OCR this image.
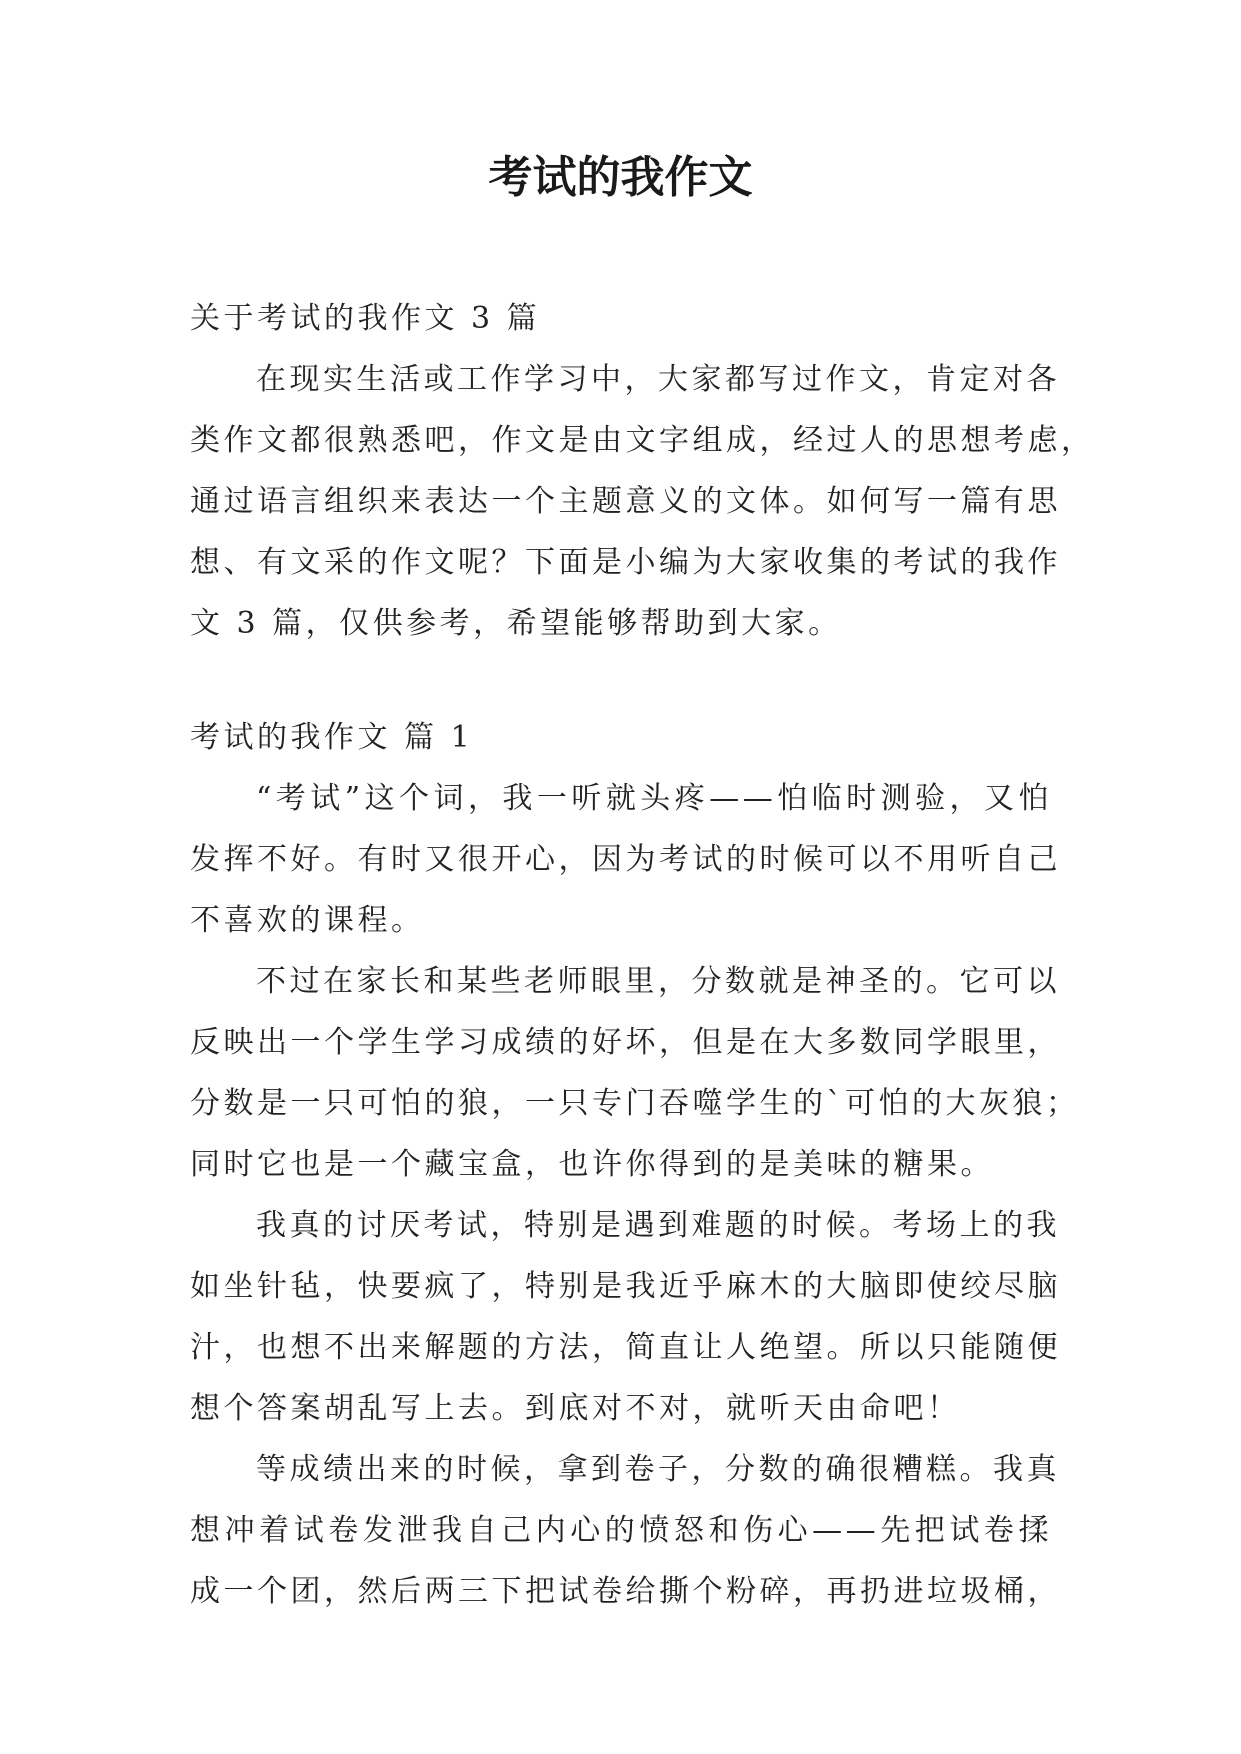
考试的我作文

关于考试的我作文 3 篇

在现实生活或工作学习中，大家都写过作文，肯定对各

类作文都很熟悉吧，作文是由文字组成，经过人的思想考虑，

通过语言组织来表达一个主题意义的文体。如何写一篇有思

想、有文采的作文呢？下面是小编为大家收集的考试的我作

文 3 篇，仅供参考，希望能够帮助到大家。

考试的我作文 篇 1

“考试”这个词，我一听就头疼——怕临时测验，又怕

发挥不好。有时又很开心，因为考试的时候可以不用听自己

不喜欢的课程。

不过在家长和某些老师眼里，分数就是神圣的。它可以

反映出一个学生学习成绩的好坏，但是在大多数同学眼里，

分数是一只可怕的狼，一只专门吞噬学生的`可怕的大灰狼；

同时它也是一个藏宝盒，也许你得到的是美味的糖果。

我真的讨厌考试，特别是遇到难题的时候。考场上的我

如坐针毡，快要疯了，特别是我近乎麻木的大脑即使绞尽脑

汁，也想不出来解题的方法，简直让人绝望。所以只能随便

想个答案胡乱写上去。到底对不对，就听天由命吧！

等成绩出来的时候，拿到卷子，分数的确很糟糕。我真

想冲着试卷发泄我自己内心的愤怒和伤心——先把试卷揉

成一个团，然后两三下把试卷给撕个粉碎，再扔进垃圾桶，
